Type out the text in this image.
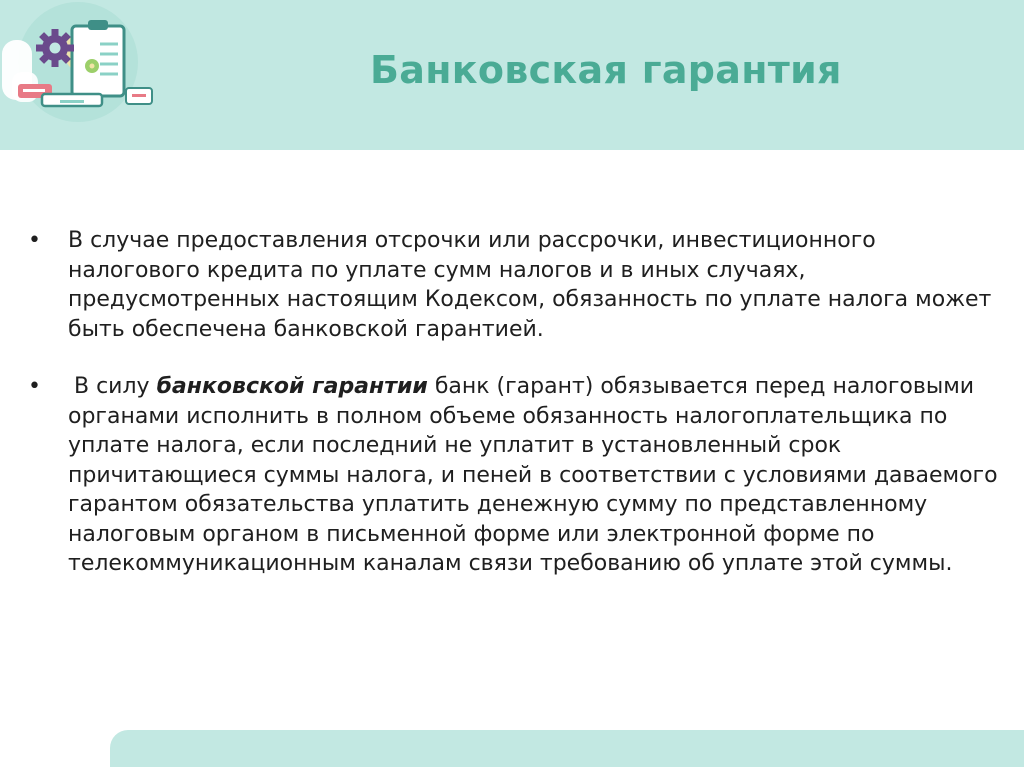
Банковская гарантия
•	В случае предоставления отсрочки или рассрочки, инвестиционного налогового кредита по уплате сумм налогов и в иных случаях, предусмотренных настоящим Кодексом, обязанность по уплате налога может быть обеспечена банковской гарантией.
•	В силу банковской гарантии банк (гарант) обязывается перед налоговыми органами исполнить в полном объеме обязанность налогоплательщика по уплате налога, если последний не уплатит в установленный срок причитающиеся суммы налога, и пеней в соответствии с условиями даваемого гарантом обязательства уплатить денежную сумму по представленному налоговым органом в письменной форме или электронной форме по телекоммуникационным каналам связи требованию об уплате этой суммы.
